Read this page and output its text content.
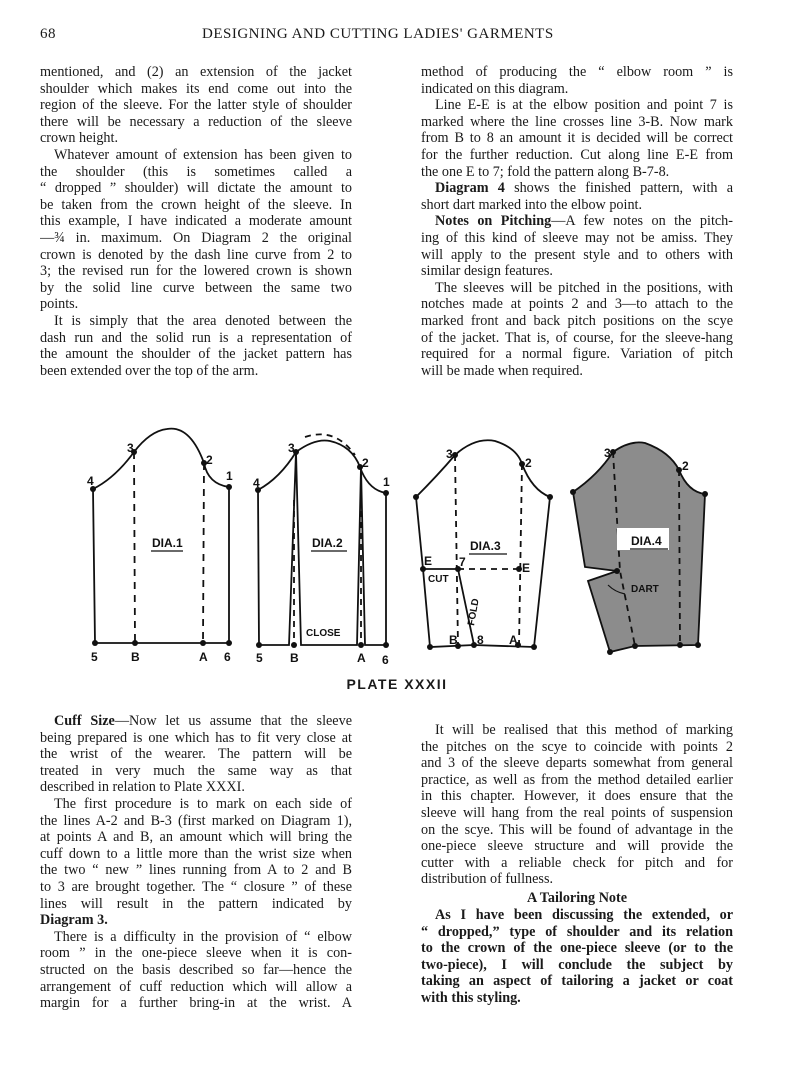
68	DESIGNING AND CUTTING LADIES' GARMENTS
mentioned, and (2) an extension of the jacket
shoulder which makes its end come out into the
region of the sleeve. For the latter style of shoulder
there will be necessary a reduction of the sleeve
crown height.
Whatever amount of extension has been given to
the shoulder (this is sometimes called a
“ dropped ” shoulder) will dictate the amount to
be taken from the crown height of the sleeve. In
this example, I have indicated a moderate amount
—¾ in. maximum. On Diagram 2 the original
crown is denoted by the dash line curve from 2 to
3; the revised run for the lowered crown is shown
by the solid line curve between the same two
points.
It is simply that the area denoted between the
dash run and the solid run is a representation of
the amount the shoulder of the jacket pattern has
been extended over the top of the arm.
method of producing the “ elbow room ” is
indicated on this diagram.
Line E-E is at the elbow position and point 7 is
marked where the line crosses line 3-B. Now mark
from B to 8 an amount it is decided will be correct
for the further reduction. Cut along line E-E from
the one E to 7; fold the pattern along B-7-8.
Diagram 4 shows the finished pattern, with a
short dart marked into the elbow point.
Notes on Pitching—A few notes on the pitch-
ing of this kind of sleeve may not be amiss. They
will apply to the present style and to others with
similar design features.
The sleeves will be pitched in the positions, with
notches made at points 2 and 3—to attach to the
marked front and back pitch positions on the scye
of the jacket. That is, of course, for the sleeve-hang
required for a normal figure. Variation of pitch
will be made when required.
DIA.1
1
2
3
4
5	B	A 6
DIA.2
CLOSE
1
2
3
4
5 B	A 6
DIA.3
CUT
FOLD
3
2
E 7	E
B 8 A
DIA.4
DART
3
2
PLATE XXXII
Cuff Size—Now let us assume that the sleeve
being prepared is one which has to fit very close at
the wrist of the wearer. The pattern will be
treated in very much the same way as that
described in relation to Plate XXXI.
The first procedure is to mark on each side of
the lines A-2 and B-3 (first marked on Diagram 1),
at points A and B, an amount which will bring the
cuff down to a little more than the wrist size when
the two “ new ” lines running from A to 2 and B
to 3 are brought together. The “ closure ” of these
lines will result in the pattern indicated by
Diagram 3.
There is a difficulty in the provision of “ elbow
room ” in the one-piece sleeve when it is con-
structed on the basis described so far—hence the
arrangement of cuff reduction which will allow a
margin for a further bring-in at the wrist. A
It will be realised that this method of marking
the pitches on the scye to coincide with points 2
and 3 of the sleeve departs somewhat from general
practice, as well as from the method detailed earlier
in this chapter. However, it does ensure that the
sleeve will hang from the real points of suspension
on the scye. This will be found of advantage in the
one-piece sleeve structure and will provide the
cutter with a reliable check for pitch and for
distribution of fullness.
A Tailoring Note
As I have been discussing the extended, or
“ dropped,” type of shoulder and its relation
to the crown of the one-piece sleeve (or to the
two-piece), I will conclude the subject by
taking an aspect of tailoring a jacket or coat
with this styling.
